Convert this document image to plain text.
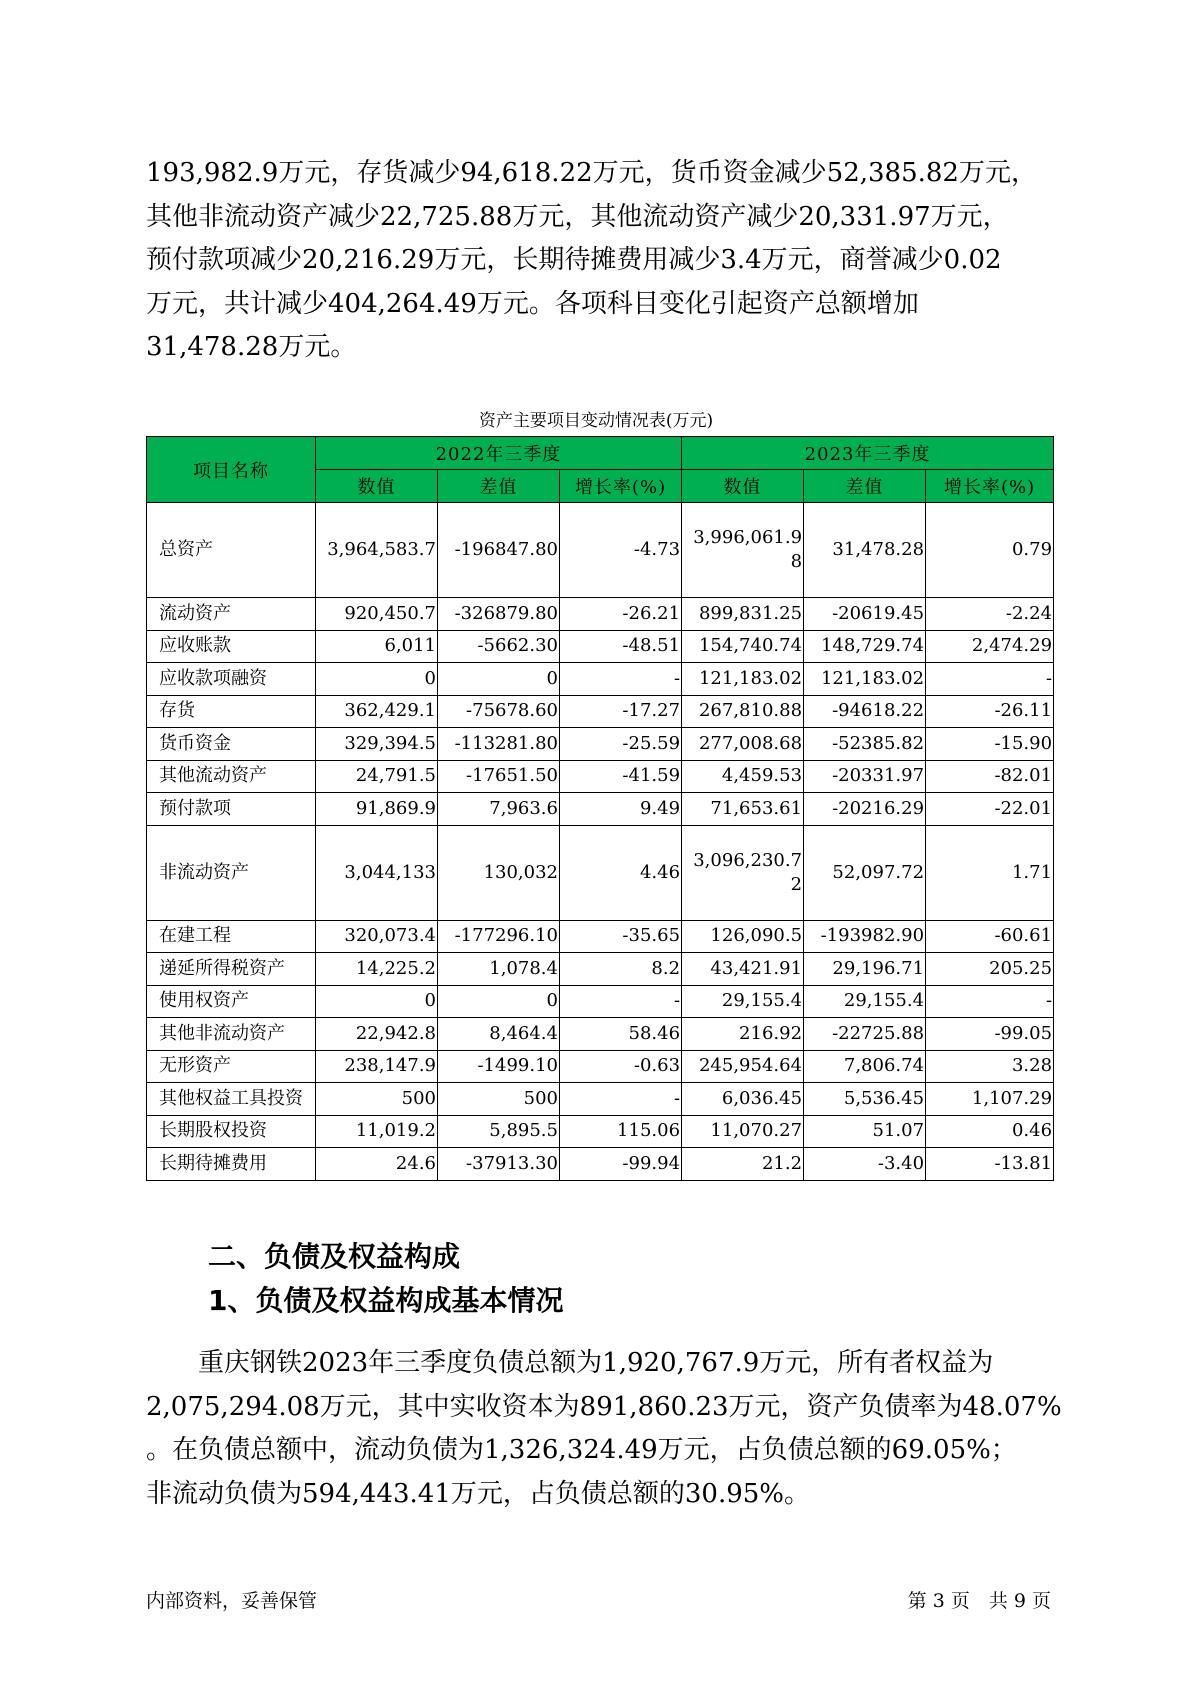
193,982.9万元，存货减少94,618.22万元，货币资金减少52,385.82万元，
其他非流动资产减少22,725.88万元，其他流动资产减少20,331.97万元，
预付款项减少20,216.29万元，长期待摊费用减少3.4万元，商誉减少0.02
万元，共计减少404,264.49万元。各项科目变化引起资产总额增加
31,478.28万元。

资产主要项目变动情况表(万元)
项目名称	2022年三季度			2023年三季度		
	数值	差值	增长率(%)	数值	差值	增长率(%)
总资产	3,964,583.7	-196847.80	-4.73	3,996,061.98	31,478.28	0.79
流动资产	920,450.7	-326879.80	-26.21	899,831.25	-20619.45	-2.24
应收账款	6,011	-5662.30	-48.51	154,740.74	148,729.74	2,474.29
应收款项融资	0	0	-	121,183.02	121,183.02	-
存货	362,429.1	-75678.60	-17.27	267,810.88	-94618.22	-26.11
货币资金	329,394.5	-113281.80	-25.59	277,008.68	-52385.82	-15.90
其他流动资产	24,791.5	-17651.50	-41.59	4,459.53	-20331.97	-82.01
预付款项	91,869.9	7,963.6	9.49	71,653.61	-20216.29	-22.01
非流动资产	3,044,133	130,032	4.46	3,096,230.72	52,097.72	1.71
在建工程	320,073.4	-177296.10	-35.65	126,090.5	-193982.90	-60.61
递延所得税资产	14,225.2	1,078.4	8.2	43,421.91	29,196.71	205.25
使用权资产	0	0	-	29,155.4	29,155.4	-
其他非流动资产	22,942.8	8,464.4	58.46	216.92	-22725.88	-99.05
无形资产	238,147.9	-1499.10	-0.63	245,954.64	7,806.74	3.28
其他权益工具投资	500	500	-	6,036.45	5,536.45	1,107.29
长期股权投资	11,019.2	5,895.5	115.06	11,070.27	51.07	0.46
长期待摊费用	24.6	-37913.30	-99.94	21.2	-3.40	-13.81
二、负债及权益构成
1、负债及权益构成基本情况

　　重庆钢铁2023年三季度负债总额为1,920,767.9万元，所有者权益为
2,075,294.08万元，其中实收资本为891,860.23万元，资产负债率为48.07%
。在负债总额中，流动负债为1,326,324.49万元，占负债总额的69.05%；
非流动负债为594,443.41万元，占负债总额的30.95%。

内部资料，妥善保管	第 3 页　共 9 页
